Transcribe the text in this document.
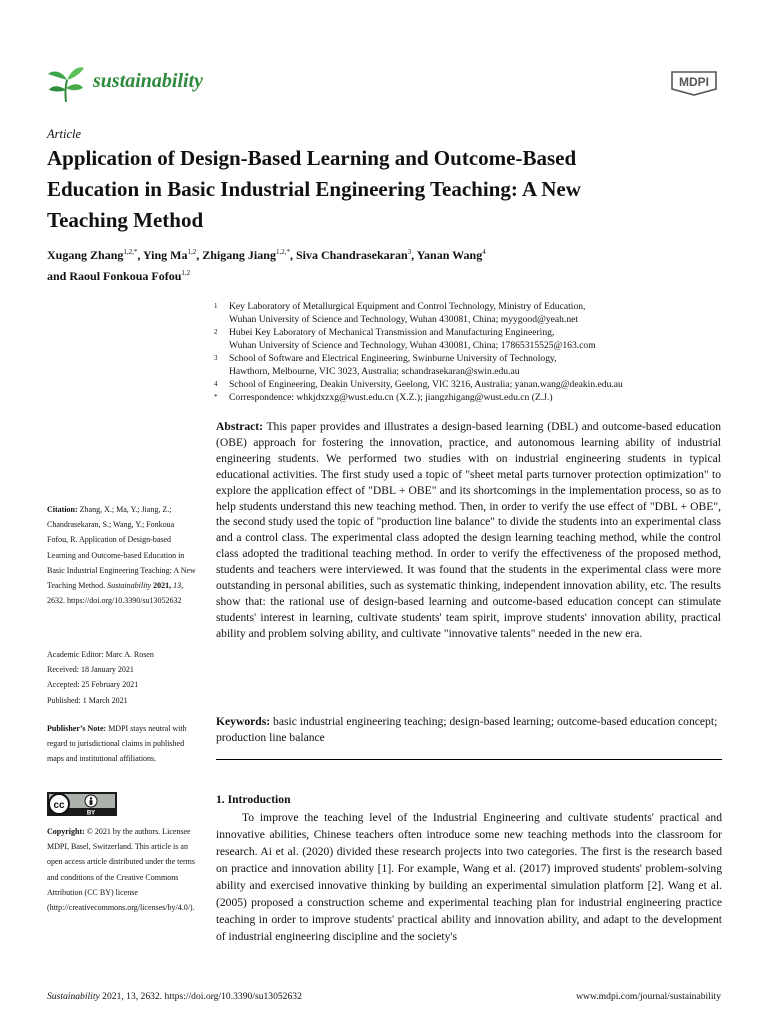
sustainability	MDPI
Article
Application of Design-Based Learning and Outcome-Based
Education in Basic Industrial Engineering Teaching: A New
Teaching Method
Xugang Zhang$^{1,2,*}$, Ying Ma$^{1,2}$, Zhigang Jiang$^{1,2,*}$, Siva Chandrasekaran$^3$, Yanan Wang$^4$
and Raoul Fonkoua Fofou$^{1,2}$
1 Key Laboratory of Metallurgical Equipment and Control Technology, Ministry of Education,
Wuhan University of Science and Technology, Wuhan 430081, China; myygood@yeah.net
2 Hubei Key Laboratory of Mechanical Transmission and Manufacturing Engineering,
Wuhan University of Science and Technology, Wuhan 430081, China; 17865315525@163.com
3 School of Software and Electrical Engineering, Swinburne University of Technology,
Hawthorn, Melbourne, VIC 3023, Australia; schandrasekaran@swin.edu.au
4 School of Engineering, Deakin University, Geelong, VIC 3216, Australia; yanan.wang@deakin.edu.au
* Correspondence: whkjdxzxg@wust.edu.cn (X.Z.); jiangzhigang@wust.edu.cn (Z.J.)
Abstract: This paper provides and illustrates a design-based learning (DBL) and outcome-based education (OBE) approach for fostering the innovation, practice, and autonomous learning ability of industrial engineering students. We performed two studies with on industrial engineering students in typical educational activities. The first study used a topic of "sheet metal parts turnover protection optimization" to explore the application effect of "DBL + OBE" and its shortcomings in the implementation process, so as to help students understand this new teaching method. Then, in order to verify the use effect of "DBL + OBE", the second study used the topic of "production line balance" to divide the students into an experimental class and a control class. The experimental class adopted the design learning teaching method, while the control class adopted the traditional teaching method. In order to verify the effectiveness of the proposed method, students and teachers were interviewed. It was found that the students in the experimental class were more outstanding in personal abilities, such as systematic thinking, independent innovation ability, etc. The results show that: the rational use of design-based learning and outcome-based education concept can stimulate students' interest in learning, cultivate students' team spirit, improve students' innovation ability, practical ability and problem solving ability, and cultivate "innovative talents" needed in the new era.
Keywords: basic industrial engineering teaching; design-based learning; outcome-based education concept; production line balance
Citation: Zhang, X.; Ma, Y.; Jiang, Z.; Chandrasekaran, S.; Wang, Y.; Fonkoua Fofou, R. Application of Design-based Learning and Outcome-based Education in Basic Industrial Engineering Teaching: A New Teaching Method. Sustainability 2021, 13, 2632. https://doi.org/10.3390/su13052632
Academic Editor: Marc A. Rosen
Received: 18 January 2021
Accepted: 25 February 2021
Published: 1 March 2021
Publisher’s Note: MDPI stays neutral with regard to jurisdictional claims in published maps and institutional affiliations.
cc
BY
Copyright: © 2021 by the authors. Licensee MDPI, Basel, Switzerland. This article is an open access article distributed under the terms and conditions of the Creative Commons Attribution (CC BY) license (http://creativecommons.org/licenses/by/4.0/).
1. Introduction

To improve the teaching level of the Industrial Engineering and cultivate students' practical and innovative abilities, Chinese teachers often introduce some new teaching methods into the classroom for research. Ai et al. (2020) divided these research projects into two categories. The first is the research based on practice and innovation ability [1]. For example, Wang et al. (2017) improved students' problem-solving ability and exercised innovative thinking by building an experimental simulation platform [2]. Wang et al. (2005) proposed a construction scheme and experimental teaching plan for industrial engineering practice teaching in order to improve students' practical ability and innovation ability, and adapt to the development of industrial engineering discipline and the society's

Sustainability 2021, 13, 2632. https://doi.org/10.3390/su13052632	www.mdpi.com/journal/sustainability
